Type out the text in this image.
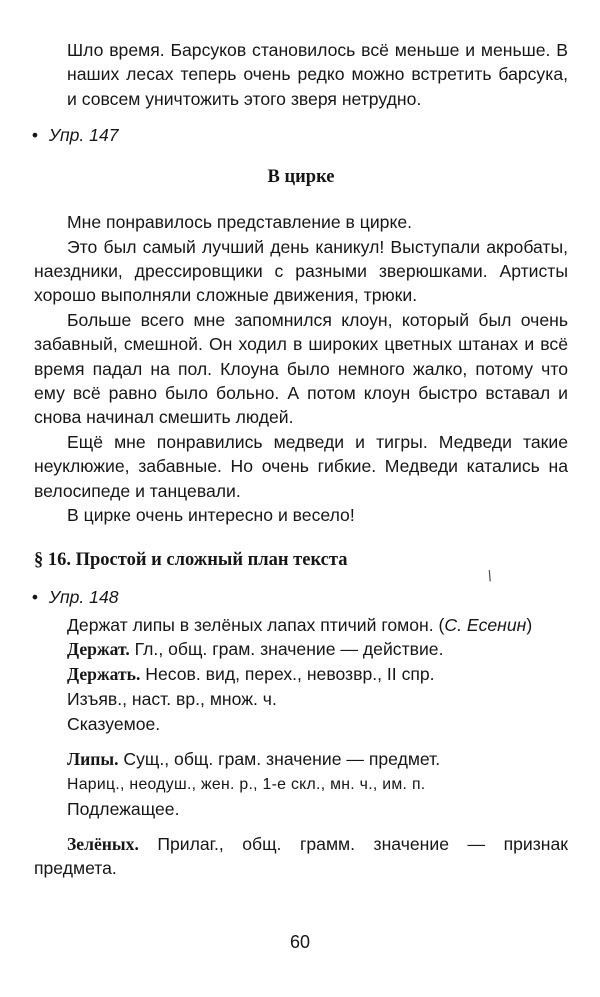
Шло время. Барсуков становилось всё меньше и меньше. В наших лесах теперь очень редко можно встретить барсука, и совсем уничтожить этого зверя нетрудно.

• Упр. 147

В цирке

Мне понравилось представление в цирке.

Это был самый лучший день каникул! Выступали акробаты, наездники, дрессировщики с разными зверюшками. Артисты хорошо выполняли сложные движения, трюки.

Больше всего мне запомнился клоун, который был очень забавный, смешной. Он ходил в широких цветных штанах и всё время падал на пол. Клоуна было немного жалко, потому что ему всё равно было больно. А потом клоун быстро вставал и снова начинал смешить людей.

Ещё мне понравились медведи и тигры. Медведи такие неуклюжие, забавные. Но очень гибкие. Медведи катались на велосипеде и танцевали.

В цирке очень интересно и весело!

§ 16. Простой и сложный план текста

• Упр. 148

Держат липы в зелёных лапах птичий гомон. (С. Есенин)

Держат. Гл., общ. грам. значение — действие.

Держать. Несов. вид, перех., невозвр., II спр.

Изъяв., наст. вр., множ. ч.

Сказуемое.

Липы. Сущ., общ. грам. значение — предмет.

Нариц., неодуш., жен. р., 1-е скл., мн. ч., им. п.

Подлежащее.

Зелёных. Прилаг., общ. грамм. значение — признак предмета.

/
60
